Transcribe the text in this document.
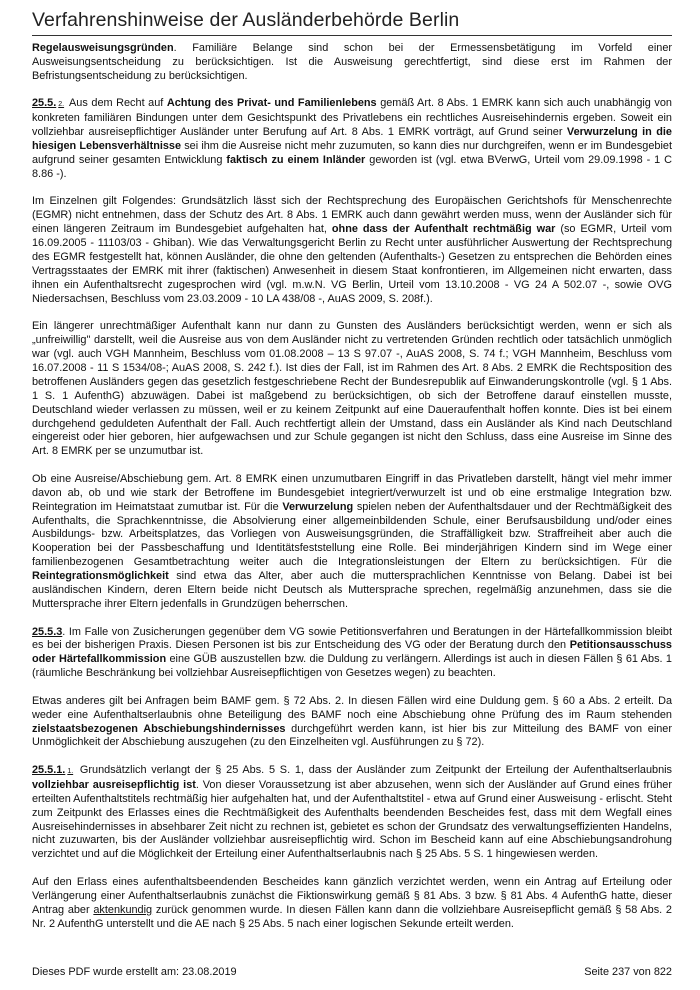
Verfahrenshinweise der Ausländerbehörde Berlin

Regelausweisungsgründen. Familiäre Belange sind schon bei der Ermessensbetätigung im Vorfeld einer Ausweisungsentscheidung zu berücksichtigen. Ist die Ausweisung gerechtfertigt, sind diese erst im Rahmen der Befristungsentscheidung zu berücksichtigen.

25.5. 2. Aus dem Recht auf Achtung des Privat- und Familienlebens gemäß Art. 8 Abs. 1 EMRK kann sich auch unabhängig von konkreten familiären Bindungen unter dem Gesichtspunkt des Privatlebens ein rechtliches Ausreisehindernis ergeben. Soweit ein vollziehbar ausreisepflichtiger Ausländer unter Berufung auf Art. 8 Abs. 1 EMRK vorträgt, auf Grund seiner Verwurzelung in die hiesigen Lebensverhältnisse sei ihm die Ausreise nicht mehr zuzumuten, so kann dies nur durchgreifen, wenn er im Bundesgebiet aufgrund seiner gesamten Entwicklung faktisch zu einem Inländer geworden ist (vgl. etwa BVerwG, Urteil vom 29.09.1998 - 1 C 8.86 -).

Im Einzelnen gilt Folgendes: Grundsätzlich lässt sich der Rechtsprechung des Europäischen Gerichtshofs für Menschenrechte (EGMR) nicht entnehmen, dass der Schutz des Art. 8 Abs. 1 EMRK auch dann gewährt werden muss, wenn der Ausländer sich für einen längeren Zeitraum im Bundesgebiet aufgehalten hat, ohne dass der Aufenthalt rechtmäßig war (so EGMR, Urteil vom 16.09.2005 - 11103/03 - Ghiban). Wie das Verwaltungsgericht Berlin zu Recht unter ausführlicher Auswertung der Rechtsprechung des EGMR festgestellt hat, können Ausländer, die ohne den geltenden (Aufenthalts-) Gesetzen zu entsprechen die Behörden eines Vertragsstaates der EMRK mit ihrer (faktischen) Anwesenheit in diesem Staat konfrontieren, im Allgemeinen nicht erwarten, dass ihnen ein Aufenthaltsrecht zugesprochen wird (vgl. m.w.N. VG Berlin, Urteil vom 13.10.2008 - VG 24 A 502.07 -, sowie OVG Niedersachsen, Beschluss vom 23.03.2009 - 10 LA 438/08 -, AuAS 2009, S. 208f.).

Ein längerer unrechtmäßiger Aufenthalt kann nur dann zu Gunsten des Ausländers berücksichtigt werden, wenn er sich als „unfreiwillig" darstellt, weil die Ausreise aus von dem Ausländer nicht zu vertretenden Gründen rechtlich oder tatsächlich unmöglich war (vgl. auch VGH Mannheim, Beschluss vom 01.08.2008 – 13 S 97.07 -, AuAS 2008, S. 74 f.; VGH Mannheim, Beschluss vom 16.07.2008 - 11 S 1534/08-; AuAS 2008, S. 242 f.). Ist dies der Fall, ist im Rahmen des Art. 8 Abs. 2 EMRK die Rechtsposition des betroffenen Ausländers gegen das gesetzlich festgeschriebene Recht der Bundesrepublik auf Einwanderungskontrolle (vgl. § 1 Abs. 1 S. 1 AufenthG) abzuwägen. Dabei ist maßgebend zu berücksichtigen, ob sich der Betroffene darauf einstellen musste, Deutschland wieder verlassen zu müssen, weil er zu keinem Zeitpunkt auf eine Daueraufenthalt hoffen konnte. Dies ist bei einem durchgehend geduldeten Aufenthalt der Fall. Auch rechtfertigt allein der Umstand, dass ein Ausländer als Kind nach Deutschland eingereist oder hier geboren, hier aufgewachsen und zur Schule gegangen ist nicht den Schluss, dass eine Ausreise im Sinne des Art. 8 EMRK per se unzumutbar ist.

Ob eine Ausreise/Abschiebung gem. Art. 8 EMRK einen unzumutbaren Eingriff in das Privatleben darstellt, hängt viel mehr immer davon ab, ob und wie stark der Betroffene im Bundesgebiet integriert/verwurzelt ist und ob eine erstmalige Integration bzw. Reintegration im Heimatstaat zumutbar ist. Für die Verwurzelung spielen neben der Aufenthaltsdauer und der Rechtmäßigkeit des Aufenthalts, die Sprachkenntnisse, die Absolvierung einer allgemeinbildenden Schule, einer Berufsausbildung und/oder eines Ausbildungs- bzw. Arbeitsplatzes, das Vorliegen von Ausweisungsgründen, die Straffälligkeit bzw. Straffreiheit aber auch die Kooperation bei der Passbeschaffung und Identitätsfeststellung eine Rolle. Bei minderjährigen Kindern sind im Wege einer familienbezogenen Gesamtbetrachtung weiter auch die Integrationsleistungen der Eltern zu berücksichtigen. Für die Reintegrationsmöglichkeit sind etwa das Alter, aber auch die muttersprachlichen Kenntnisse von Belang. Dabei ist bei ausländischen Kindern, deren Eltern beide nicht Deutsch als Muttersprache sprechen, regelmäßig anzunehmen, dass sie die Muttersprache ihrer Eltern jedenfalls in Grundzügen beherrschen.

25.5.3. Im Falle von Zusicherungen gegenüber dem VG sowie Petitionsverfahren und Beratungen in der Härtefallkommission bleibt es bei der bisherigen Praxis. Diesen Personen ist bis zur Entscheidung des VG oder der Beratung durch den Petitionsausschuss oder Härtefallkommission eine GÜB auszustellen bzw. die Duldung zu verlängern. Allerdings ist auch in diesen Fällen § 61 Abs. 1 (räumliche Beschränkung bei vollziehbar Ausreisepflichtigen von Gesetzes wegen) zu beachten.

Etwas anderes gilt bei Anfragen beim BAMF gem. § 72 Abs. 2. In diesen Fällen wird eine Duldung gem. § 60 a Abs. 2 erteilt. Da weder eine Aufenthaltserlaubnis ohne Beteiligung des BAMF noch eine Abschiebung ohne Prüfung des im Raum stehenden zielstaatsbezogenen Abschiebungshindernisses durchgeführt werden kann, ist hier bis zur Mitteilung des BAMF von einer Unmöglichkeit der Abschiebung auszugehen (zu den Einzelheiten vgl. Ausführungen zu § 72).

25.5.1. 1. Grundsätzlich verlangt der § 25 Abs. 5 S. 1, dass der Ausländer zum Zeitpunkt der Erteilung der Aufenthaltserlaubnis vollziehbar ausreisepflichtig ist. Von dieser Voraussetzung ist aber abzusehen, wenn sich der Ausländer auf Grund eines früher erteilten Aufenthaltstitels rechtmäßig hier aufgehalten hat, und der Aufenthaltstitel - etwa auf Grund einer Ausweisung - erlischt. Steht zum Zeitpunkt des Erlasses eines die Rechtmäßigkeit des Aufenthalts beendenden Bescheides fest, dass mit dem Wegfall eines Ausreisehindernisses in absehbarer Zeit nicht zu rechnen ist, gebietet es schon der Grundsatz des verwaltungseffizienten Handelns, nicht zuzuwarten, bis der Ausländer vollziehbar ausreisepflichtig wird. Schon im Bescheid kann auf eine Abschiebungsandrohung verzichtet und auf die Möglichkeit der Erteilung einer Aufenthaltserlaubnis nach § 25 Abs. 5 S. 1 hingewiesen werden.

Auf den Erlass eines aufenthaltsbeendenden Bescheides kann gänzlich verzichtet werden, wenn ein Antrag auf Erteilung oder Verlängerung einer Aufenthaltserlaubnis zunächst die Fiktionswirkung gemäß § 81 Abs. 3 bzw. § 81 Abs. 4 AufenthG hatte, dieser Antrag aber aktenkundig zurück genommen wurde. In diesen Fällen kann dann die vollziehbare Ausreisepflicht gemäß § 58 Abs. 2 Nr. 2 AufenthG unterstellt und die AE nach § 25 Abs. 5 nach einer logischen Sekunde erteilt werden.

Dieses PDF wurde erstellt am: 23.08.2019	Seite 237 von 822
